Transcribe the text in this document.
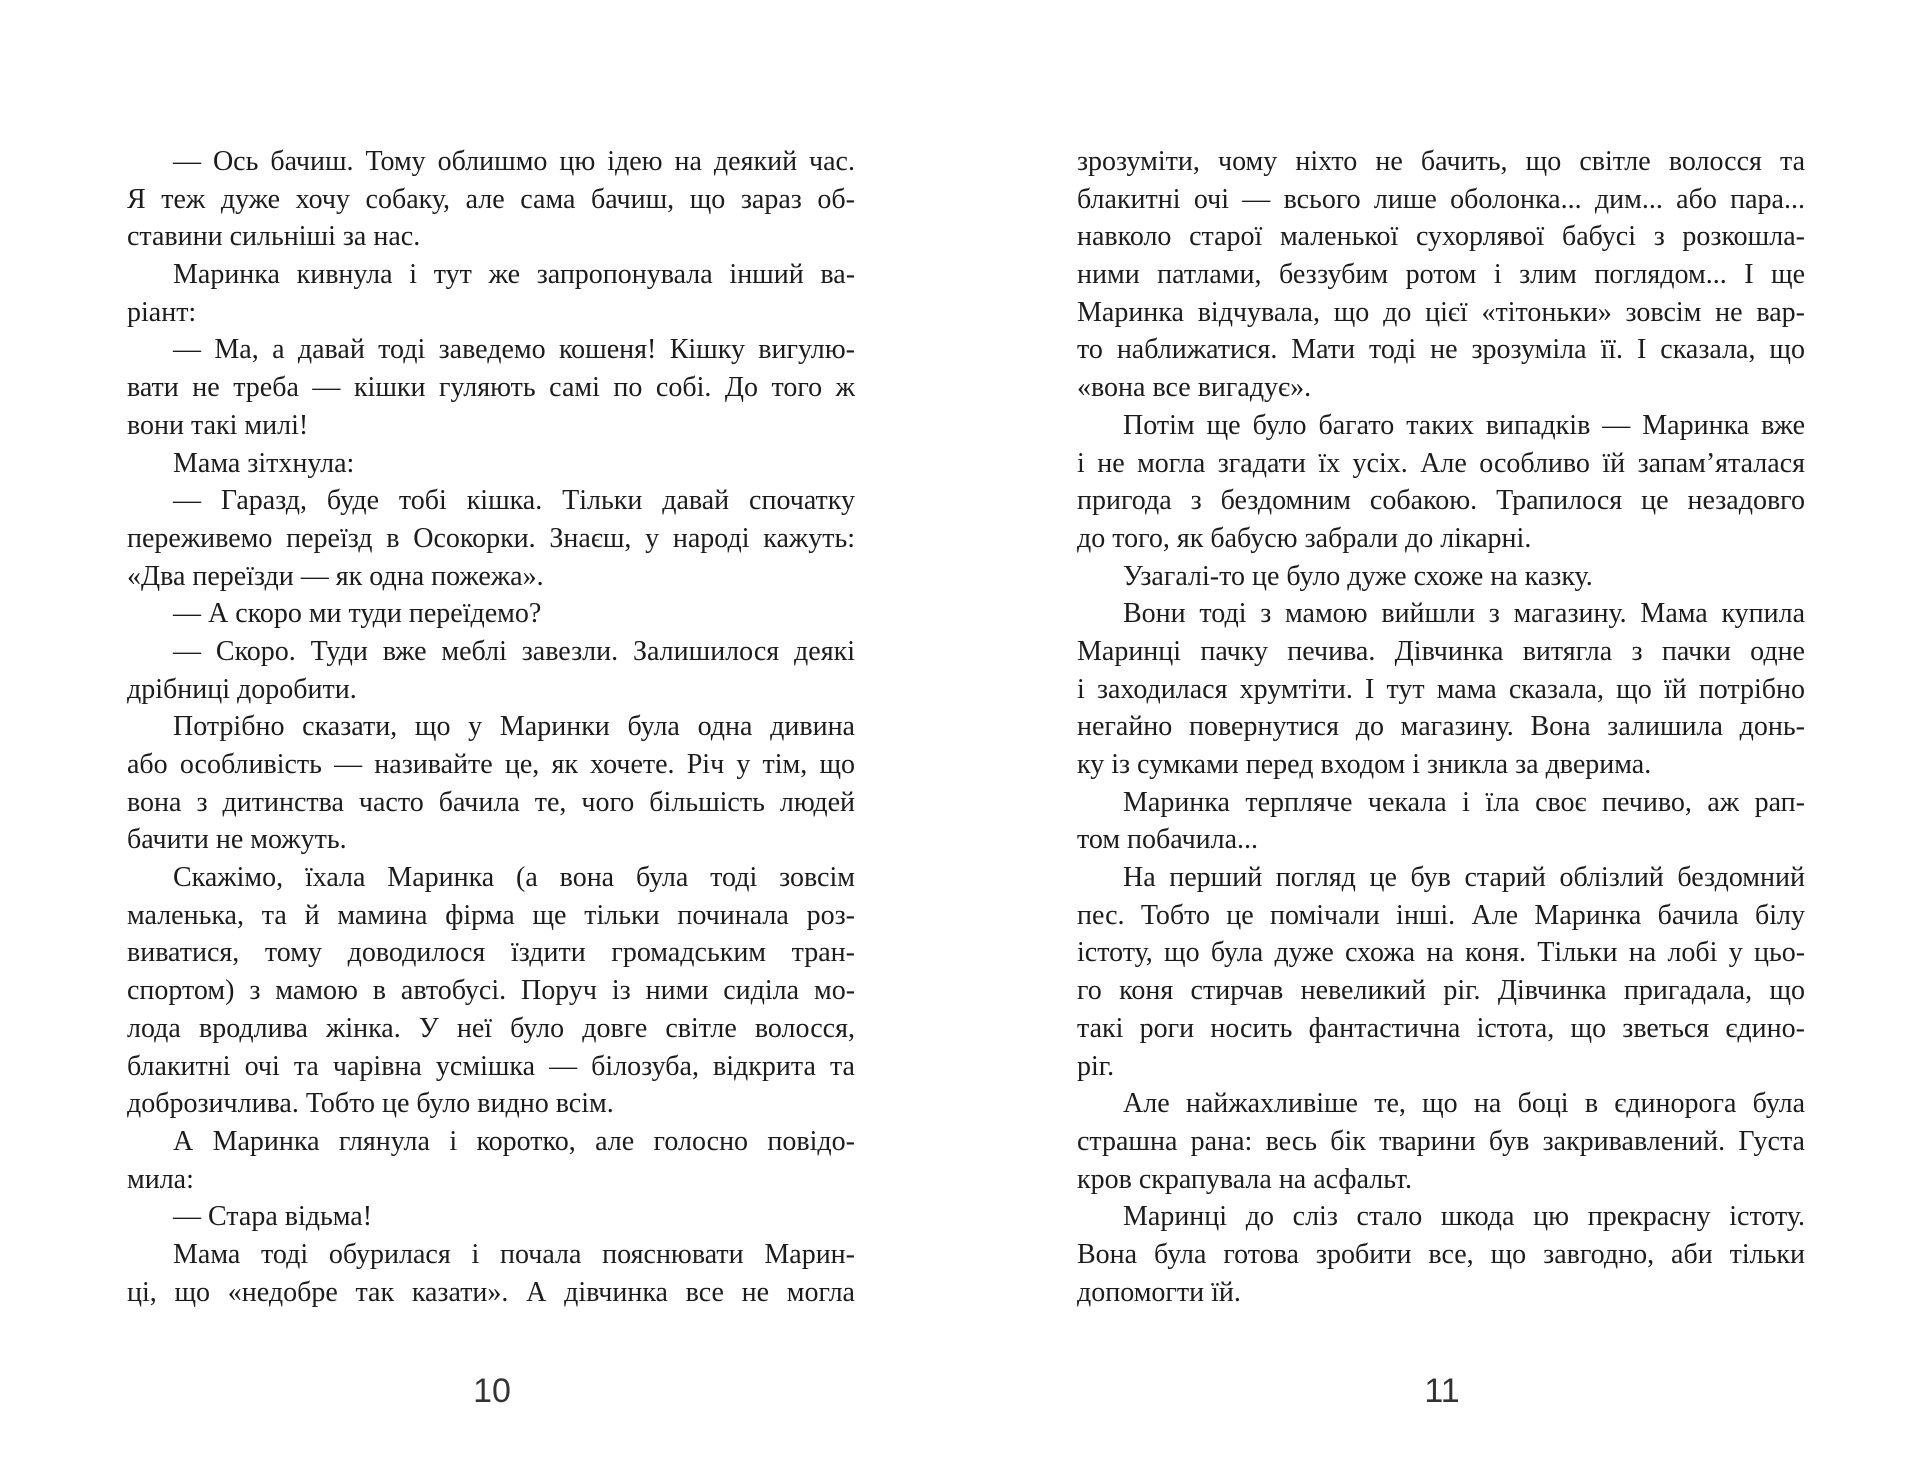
— Ось бачиш. Тому облишмо цю ідею на деякий час.
Я теж дуже хочу собаку, але сама бачиш, що зараз об-
ставини сильніші за нас.
Маринка кивнула і тут же запропонувала інший ва-
ріант:
— Ма, а давай тоді заведемо кошеня! Кішку вигулю-
вати не треба — кішки гуляють самі по собі. До того ж
вони такі милі!
Мама зітхнула:
— Гаразд, буде тобі кішка. Тільки давай спочатку
переживемо переїзд в Осокорки. Знаєш, у народі кажуть:
«Два переїзди — як одна пожежа».
— А скоро ми туди переїдемо?
— Скоро. Туди вже меблі завезли. Залишилося деякі
дрібниці доробити.
Потрібно сказати, що у Маринки була одна дивина
або особливість — називайте це, як хочете. Річ у тім, що
вона з дитинства часто бачила те, чого більшість людей
бачити не можуть.
Скажімо, їхала Маринка (а вона була тоді зовсім
маленька, та й мамина фірма ще тільки починала роз-
виватися, тому доводилося їздити громадським тран-
спортом) з мамою в автобусі. Поруч із ними сиділа мо-
лода вродлива жінка. У неї було довге світле волосся,
блакитні очі та чарівна усмішка — білозуба, відкрита та
доброзичлива. Тобто це було видно всім.
А Маринка глянула і коротко, але голосно повідо-
мила:
— Стара відьма!
Мама тоді обурилася і почала пояснювати Марин-
ці, що «недобре так казати». А дівчинка все не могла
10
зрозуміти, чому ніхто не бачить, що світле волосся та
блакитні очі — всього лише оболонка... дим... або пара...
навколо старої маленької сухорлявої бабусі з розкошла-
ними патлами, беззубим ротом і злим поглядом... І ще
Маринка відчувала, що до цієї «тітоньки» зовсім не вар-
то наближатися. Мати тоді не зрозуміла її. І сказала, що
«вона все вигадує».
Потім ще було багато таких випадків — Маринка вже
і не могла згадати їх усіх. Але особливо їй запам’яталася
пригода з бездомним собакою. Трапилося це незадовго
до того, як бабусю забрали до лікарні.
Узагалі-то це було дуже схоже на казку.
Вони тоді з мамою вийшли з магазину. Мама купила
Маринці пачку печива. Дівчинка витягла з пачки одне
і заходилася хрумтіти. І тут мама сказала, що їй потрібно
негайно повернутися до магазину. Вона залишила донь-
ку із сумками перед входом і зникла за дверима.
Маринка терпляче чекала і їла своє печиво, аж рап-
том побачила...
На перший погляд це був старий облізлий бездомний
пес. Тобто це помічали інші. Але Маринка бачила білу
істоту, що була дуже схожа на коня. Тільки на лобі у цьо-
го коня стирчав невеликий ріг. Дівчинка пригадала, що
такі роги носить фантастична істота, що зветься єдино-
ріг.
Але найжахливіше те, що на боці в єдинорога була
страшна рана: весь бік тварини був закривавлений. Густа
кров скрапувала на асфальт.
Маринці до сліз стало шкода цю прекрасну істоту.
Вона була готова зробити все, що завгодно, аби тільки
допомогти їй.
11
